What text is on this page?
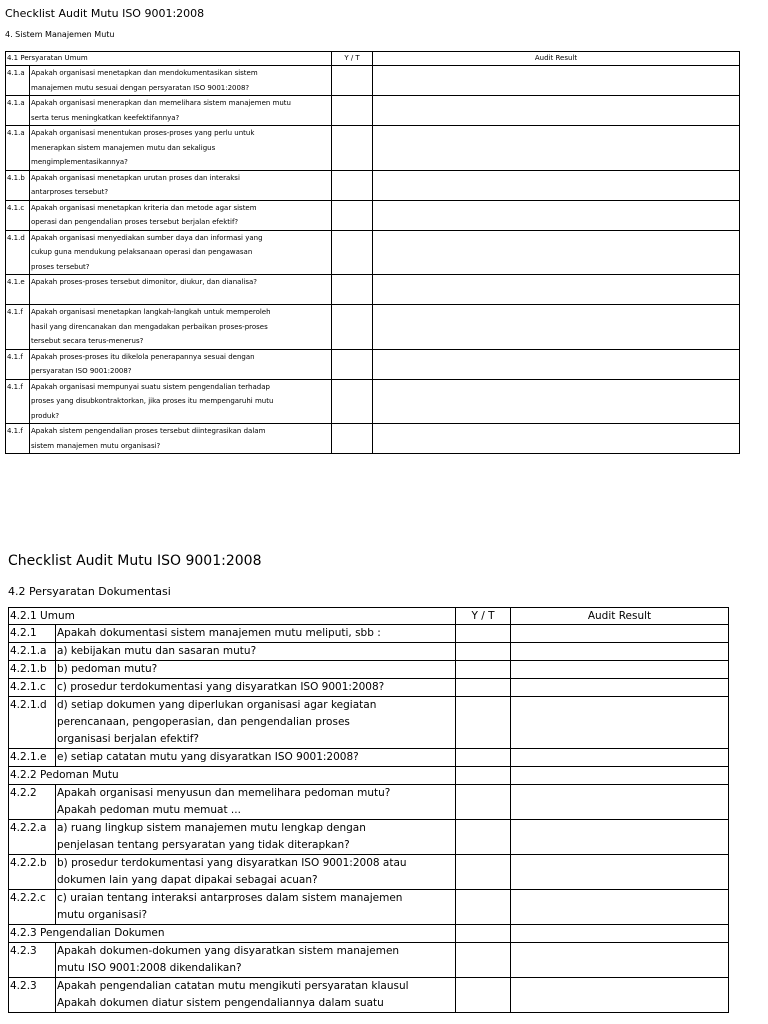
Checklist Audit Mutu ISO 9001:2008
4. Sistem Manajemen Mutu
4.1 Persyaratan Umum		Y / T	Audit Result
4.1.a	Apakah organisasi menetapkan dan mendokumentasikan sistem
manajemen mutu sesuai dengan persyaratan ISO 9001:2008?		

4.1.a	Apakah organisasi menerapkan dan memelihara sistem manajemen mutu
serta terus meningkatkan keefektifannya?		

4.1.a	Apakah organisasi menentukan proses-proses yang perlu untuk
menerapkan sistem manajemen mutu dan sekaligus
mengimplementasikannya?		

4.1.b	Apakah organisasi menetapkan urutan proses dan interaksi
antarproses tersebut?		

4.1.c	Apakah organisasi menetapkan kriteria dan metode agar sistem
operasi dan pengendalian proses tersebut berjalan efektif?		

4.1.d	Apakah organisasi menyediakan sumber daya dan informasi yang
cukup guna mendukung pelaksanaan operasi dan pengawasan
proses tersebut?		

4.1.e	Apakah proses-proses tersebut dimonitor, diukur, dan dianalisa?		

4.1.f	Apakah organisasi menetapkan langkah-langkah untuk memperoleh
hasil yang direncanakan dan mengadakan perbaikan proses-proses
tersebut secara terus-menerus?		

4.1.f	Apakah proses-proses itu dikelola penerapannya sesuai dengan
persyaratan ISO 9001:2008?		

4.1.f	Apakah organisasi mempunyai suatu sistem pengendalian terhadap
proses yang disubkontraktorkan, jika proses itu mempengaruhi mutu
produk?		

4.1.f	Apakah sistem pengendalian proses tersebut diintegrasikan dalam
sistem manajemen mutu organisasi?		

Checklist Audit Mutu ISO 9001:2008
4.2 Persyaratan Dokumentasi
4.2.1 Umum		Y / T	Audit Result
4.2.1	Apakah dokumentasi sistem manajemen mutu meliputi, sbb :		

4.2.1.a	a) kebijakan mutu dan sasaran mutu?		

4.2.1.b	b) pedoman mutu?		

4.2.1.c	c) prosedur terdokumentasi yang disyaratkan ISO 9001:2008?		

4.2.1.d	d) setiap dokumen yang diperlukan organisasi agar kegiatan
perencanaan, pengoperasian, dan pengendalian proses
organisasi berjalan efektif?		

4.2.1.e	e) setiap catatan mutu yang disyaratkan ISO 9001:2008?		

4.2.2 Pedoman Mutu			
4.2.2	Apakah organisasi menyusun dan memelihara pedoman mutu?
Apakah pedoman mutu memuat ...		

4.2.2.a	a) ruang lingkup sistem manajemen mutu lengkap dengan
penjelasan tentang persyaratan yang tidak diterapkan?		

4.2.2.b	b) prosedur terdokumentasi yang disyaratkan ISO 9001:2008 atau
dokumen lain yang dapat dipakai sebagai acuan?		

4.2.2.c	c) uraian tentang interaksi antarproses dalam sistem manajemen
mutu organisasi?		

4.2.3 Pengendalian Dokumen			
4.2.3	Apakah dokumen-dokumen yang disyaratkan sistem manajemen
mutu ISO 9001:2008 dikendalikan?		

4.2.3	Apakah pengendalian catatan mutu mengikuti persyaratan klausul
Apakah dokumen diatur sistem pengendaliannya dalam suatu		
